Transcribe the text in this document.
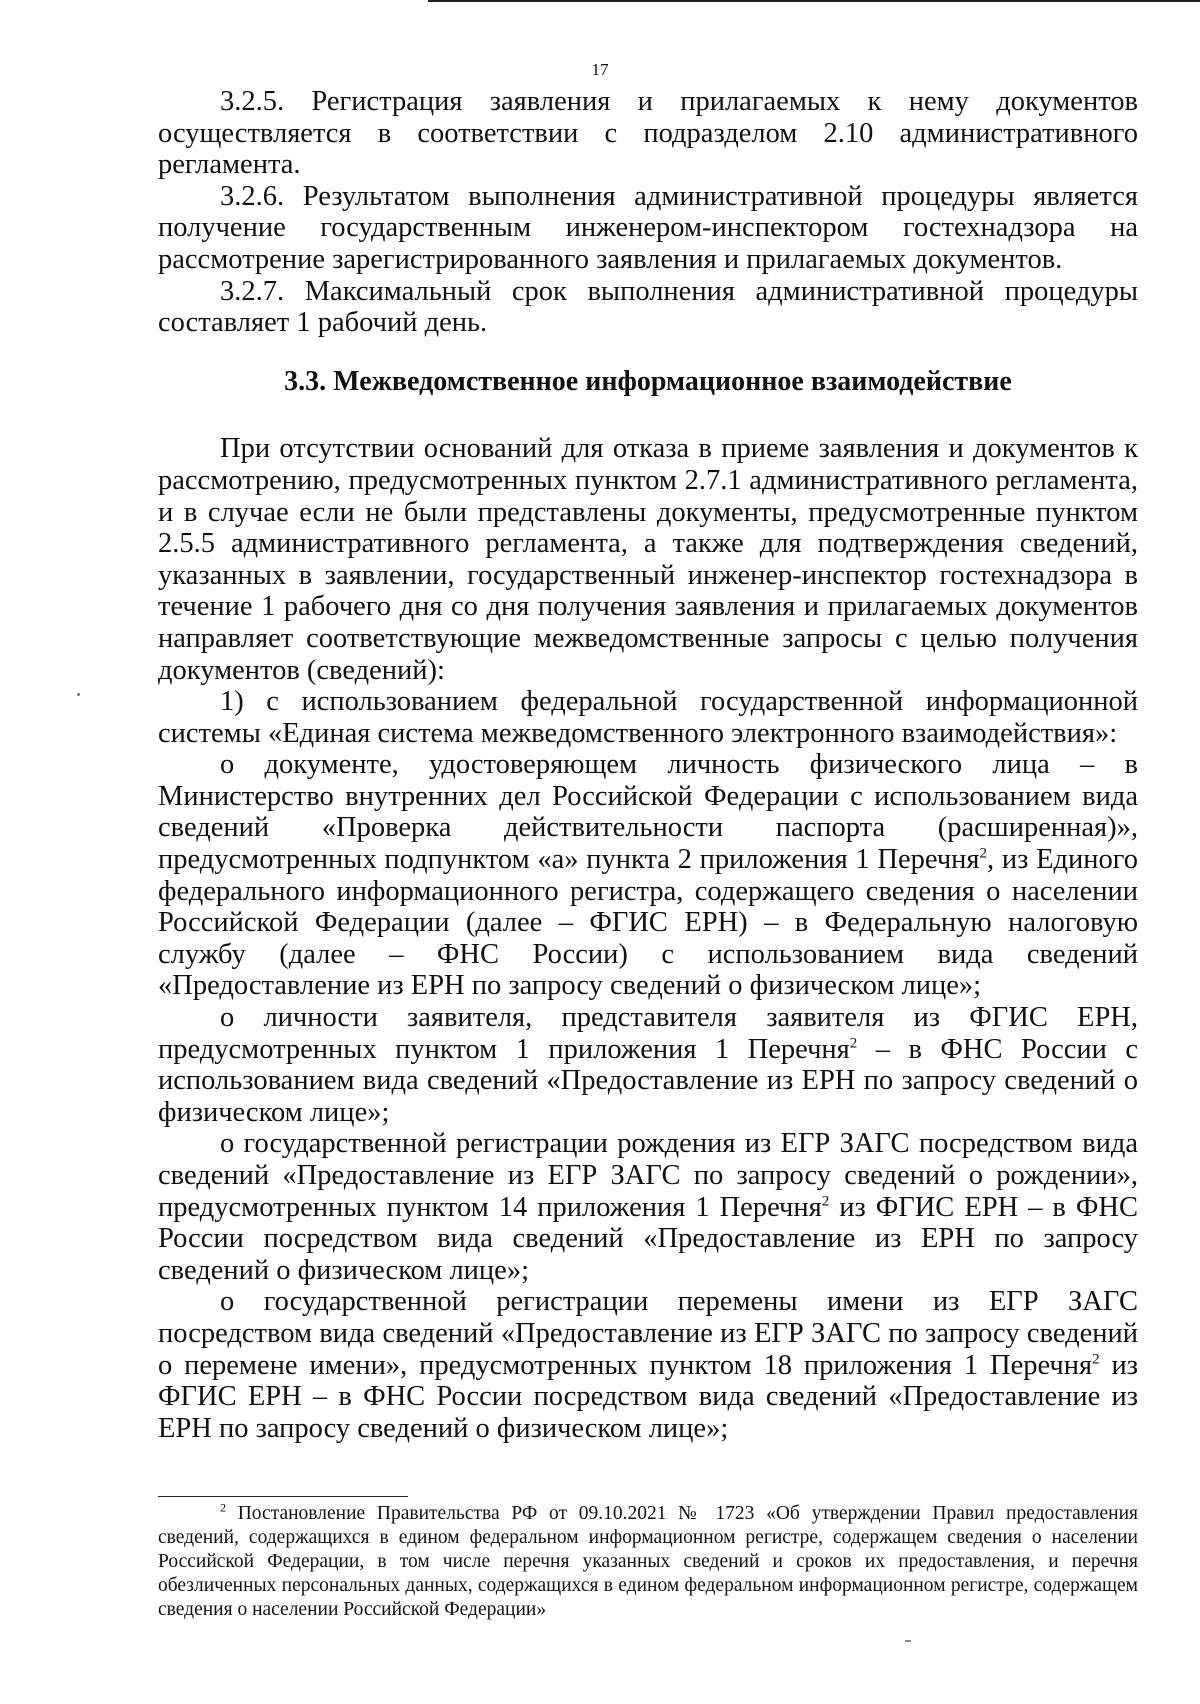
17

3.2.5. Регистрация заявления и прилагаемых к нему документов осуществляется в соответствии с подразделом 2.10 административного регламента.

3.2.6. Результатом выполнения административной процедуры является получение государственным инженером-инспектором гостехнадзора на рассмотрение зарегистрированного заявления и прилагаемых документов.

3.2.7. Максимальный срок выполнения административной процедуры составляет 1 рабочий день.

3.3. Межведомственное информационное взаимодействие

При отсутствии оснований для отказа в приеме заявления и документов к рассмотрению, предусмотренных пунктом 2.7.1 административного регламента, и в случае если не были представлены документы, предусмотренные пунктом 2.5.5 административного регламента, а также для подтверждения сведений, указанных в заявлении, государственный инженер-инспектор гостехнадзора в течение 1 рабочего дня со дня получения заявления и прилагаемых документов направляет соответствующие межведомственные запросы с целью получения документов (сведений):

1) с использованием федеральной государственной информационной системы «Единая система межведомственного электронного взаимодействия»:

о документе, удостоверяющем личность физического лица – в Министерство внутренних дел Российской Федерации с использованием вида сведений «Проверка действительности паспорта (расширенная)», предусмотренных подпунктом «а» пункта 2 приложения 1 Перечня$^2$, из Единого федерального информационного регистра, содержащего сведения о населении Российской Федерации (далее – ФГИС ЕРН) – в Федеральную налоговую службу (далее – ФНС России) с использованием вида сведений «Предоставление из ЕРН по запросу сведений о физическом лице»;

о личности заявителя, представителя заявителя из ФГИС ЕРН, предусмотренных пунктом 1 приложения 1 Перечня$^2$ – в ФНС России с использованием вида сведений «Предоставление из ЕРН по запросу сведений о физическом лице»;

о государственной регистрации рождения из ЕГР ЗАГС посредством вида сведений «Предоставление из ЕГР ЗАГС по запросу сведений о рождении», предусмотренных пунктом 14 приложения 1 Перечня$^2$ из ФГИС ЕРН – в ФНС России посредством вида сведений «Предоставление из ЕРН по запросу сведений о физическом лице»;

о государственной регистрации перемены имени из ЕГР ЗАГС посредством вида сведений «Предоставление из ЕГР ЗАГС по запросу сведений о перемене имени», предусмотренных пунктом 18 приложения 1 Перечня$^2$ из ФГИС ЕРН – в ФНС России посредством вида сведений «Предоставление из ЕРН по запросу сведений о физическом лице»;

$^2$ Постановление Правительства РФ от 09.10.2021 № 1723 «Об утверждении Правил предоставления сведений, содержащихся в едином федеральном информационном регистре, содержащем сведения о населении Российской Федерации, в том числе перечня указанных сведений и сроков их предоставления, и перечня обезличенных персональных данных, содержащихся в едином федеральном информационном регистре, содержащем сведения о населении Российской Федерации»
